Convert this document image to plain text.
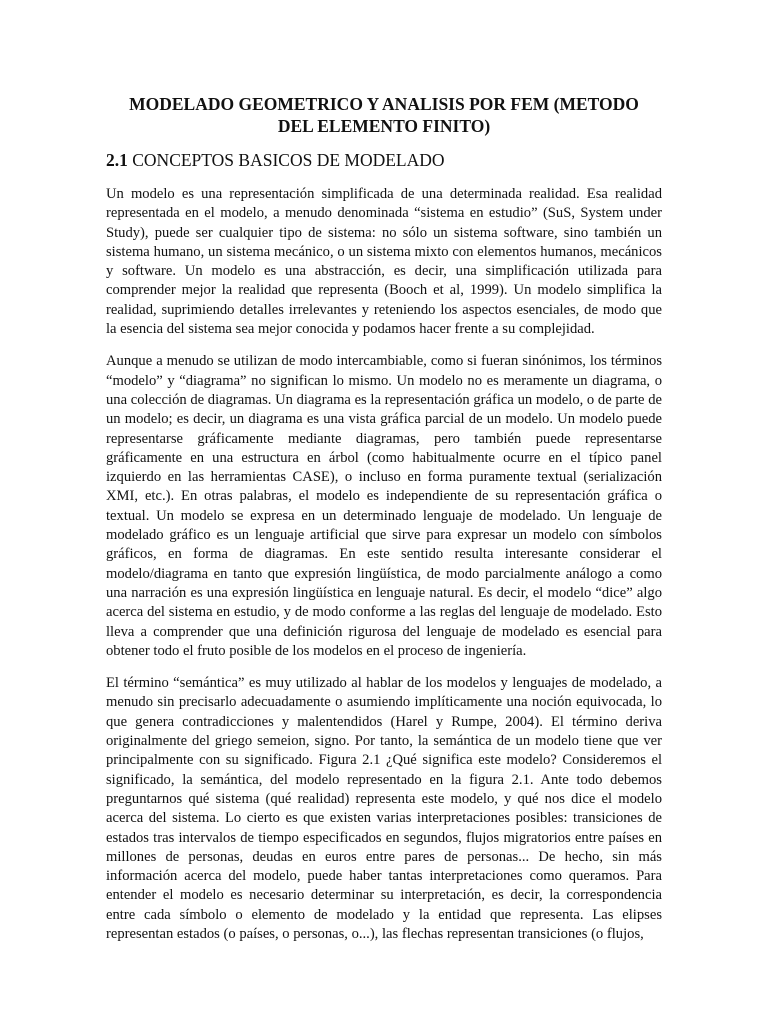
MODELADO GEOMETRICO Y ANALISIS POR FEM (METODO
DEL ELEMENTO FINITO)
2.1 CONCEPTOS BASICOS DE MODELADO

Un modelo es una representación simplificada de una determinada realidad. Esa realidad representada en el modelo, a menudo denominada “sistema en estudio” (SuS, System under Study), puede ser cualquier tipo de sistema: no sólo un sistema software, sino también un sistema humano, un sistema mecánico, o un sistema mixto con elementos humanos, mecánicos y software. Un modelo es una abstracción, es decir, una simplificación utilizada para comprender mejor la realidad que representa (Booch et al, 1999). Un modelo simplifica la realidad, suprimiendo detalles irrelevantes y reteniendo los aspectos esenciales, de modo que la esencia del sistema sea mejor conocida y podamos hacer frente a su complejidad.

Aunque a menudo se utilizan de modo intercambiable, como si fueran sinónimos, los términos “modelo” y “diagrama” no significan lo mismo. Un modelo no es meramente un diagrama, o una colección de diagramas. Un diagrama es la representación gráfica un modelo, o de parte de un modelo; es decir, un diagrama es una vista gráfica parcial de un modelo. Un modelo puede representarse gráficamente mediante diagramas, pero también puede representarse gráficamente en una estructura en árbol (como habitualmente ocurre en el típico panel izquierdo en las herramientas CASE), o incluso en forma puramente textual (serialización XMI, etc.). En otras palabras, el modelo es independiente de su representación gráfica o textual. Un modelo se expresa en un determinado lenguaje de modelado. Un lenguaje de modelado gráfico es un lenguaje artificial que sirve para expresar un modelo con símbolos gráficos, en forma de diagramas. En este sentido resulta interesante considerar el modelo/diagrama en tanto que expresión lingüística, de modo parcialmente análogo a como una narración es una expresión lingüística en lenguaje natural. Es decir, el modelo “dice” algo acerca del sistema en estudio, y de modo conforme a las reglas del lenguaje de modelado. Esto lleva a comprender que una definición rigurosa del lenguaje de modelado es esencial para obtener todo el fruto posible de los modelos en el proceso de ingeniería.

El término “semántica” es muy utilizado al hablar de los modelos y lenguajes de modelado, a menudo sin precisarlo adecuadamente o asumiendo implíticamente una noción equivocada, lo que genera contradicciones y malentendidos (Harel y Rumpe, 2004). El término deriva originalmente del griego semeion, signo. Por tanto, la semántica de un modelo tiene que ver principalmente con su significado. Figura 2.1 ¿Qué significa este modelo? Consideremos el significado, la semántica, del modelo representado en la figura 2.1. Ante todo debemos preguntarnos qué sistema (qué realidad) representa este modelo, y qué nos dice el modelo acerca del sistema. Lo cierto es que existen varias interpretaciones posibles: transiciones de estados tras intervalos de tiempo especificados en segundos, flujos migratorios entre países en millones de personas, deudas en euros entre pares de personas... De hecho, sin más información acerca del modelo, puede haber tantas interpretaciones como queramos. Para entender el modelo es necesario determinar su interpretación, es decir, la correspondencia entre cada símbolo o elemento de modelado y la entidad que representa. Las elipses representan estados (o países, o personas, o...), las flechas representan transiciones (o flujos,
